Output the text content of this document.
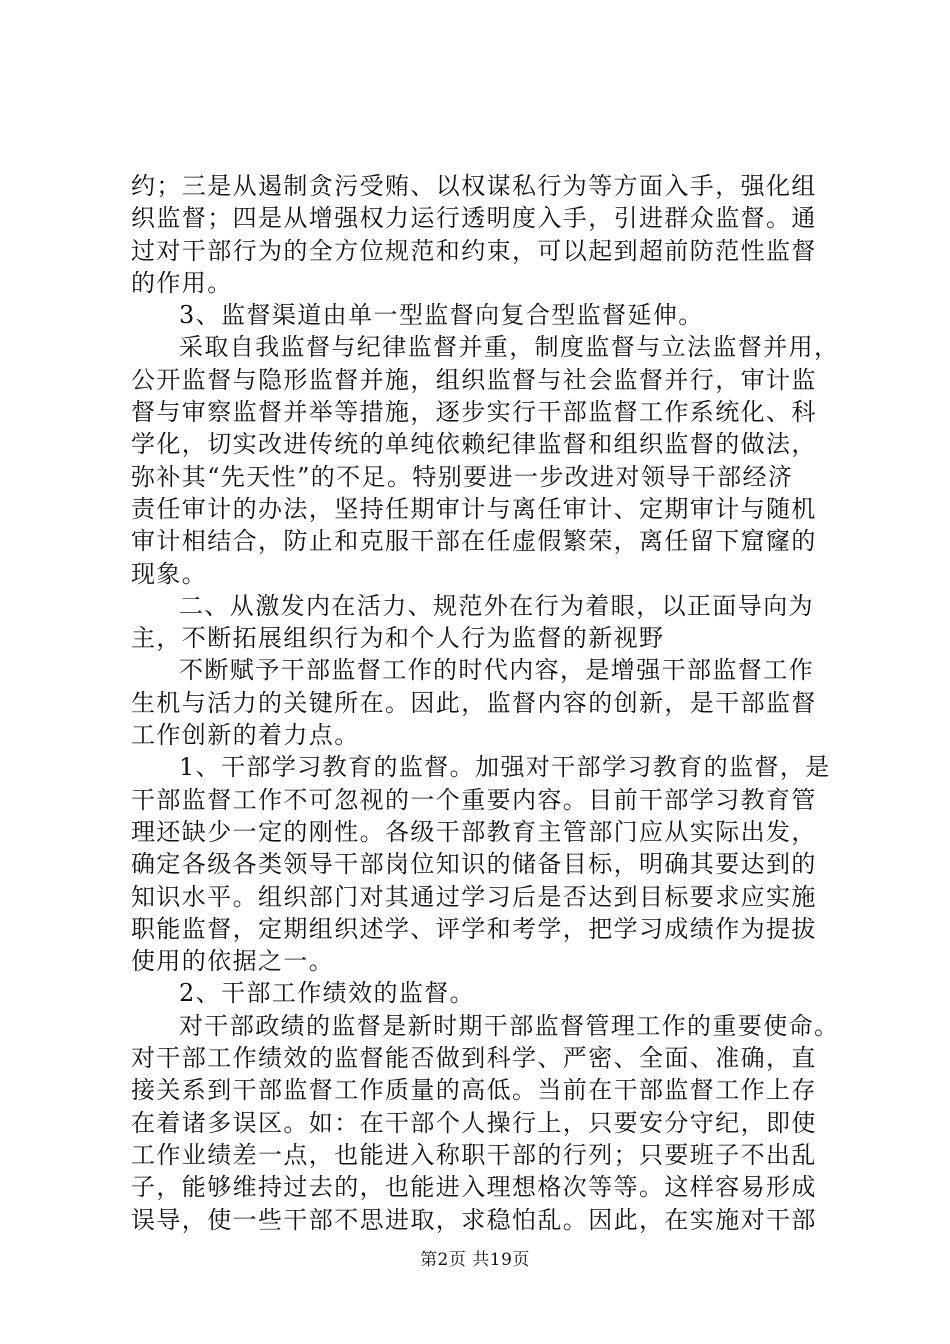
约；三是从遏制贪污受贿、以权谋私行为等方面入手，强化组
织监督；四是从增强权力运行透明度入手，引进群众监督。通
过对干部行为的全方位规范和约束，可以起到超前防范性监督
的作用。
3、监督渠道由单一型监督向复合型监督延伸。
采取自我监督与纪律监督并重，制度监督与立法监督并用，
公开监督与隐形监督并施，组织监督与社会监督并行，审计监
督与审察监督并举等措施，逐步实行干部监督工作系统化、科
学化，切实改进传统的单纯依赖纪律监督和组织监督的做法，
弥补其“先天性”的不足。特别要进一步改进对领导干部经济
责任审计的办法，坚持任期审计与离任审计、定期审计与随机
审计相结合，防止和克服干部在任虚假繁荣，离任留下窟窿的
现象。
二、从激发内在活力、规范外在行为着眼，以正面导向为
主，不断拓展组织行为和个人行为监督的新视野
不断赋予干部监督工作的时代内容，是增强干部监督工作
生机与活力的关键所在。因此，监督内容的创新，是干部监督
工作创新的着力点。
1、干部学习教育的监督。加强对干部学习教育的监督，是
干部监督工作不可忽视的一个重要内容。目前干部学习教育管
理还缺少一定的刚性。各级干部教育主管部门应从实际出发，
确定各级各类领导干部岗位知识的储备目标，明确其要达到的
知识水平。组织部门对其通过学习后是否达到目标要求应实施
职能监督，定期组织述学、评学和考学，把学习成绩作为提拔
使用的依据之一。
2、干部工作绩效的监督。
对干部政绩的监督是新时期干部监督管理工作的重要使命。
对干部工作绩效的监督能否做到科学、严密、全面、准确，直
接关系到干部监督工作质量的高低。当前在干部监督工作上存
在着诸多误区。如：在干部个人操行上，只要安分守纪，即使
工作业绩差一点，也能进入称职干部的行列；只要班子不出乱
子，能够维持过去的，也能进入理想格次等等。这样容易形成
误导，使一些干部不思进取，求稳怕乱。因此，在实施对干部
第2页 共19页
